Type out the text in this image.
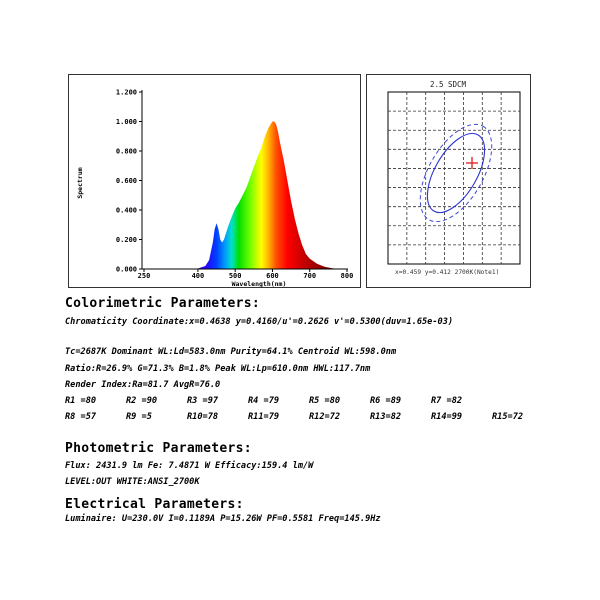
0.000
0.200
0.400
0.600
0.800
1.000
1.200
250	400	500	600	700	800
Spectrum
Wavelength(nm)
2.5 SDCM
x=0.459 y=0.412 2700K(Note1)
Colorimetric Parameters:
Chromaticity Coordinate:x=0.4638 y=0.4160/u'=0.2626 v'=0.5300(duv=1.65e-03)
Tc=2687K Dominant WL:Ld=583.0nm Purity=64.1% Centroid WL:598.0nm
Ratio:R=26.9% G=71.3% B=1.8% Peak WL:Lp=610.0nm HWL:117.7nm
Render Index:Ra=81.7 AvgR=76.0
R1 =80	R2 =90	R3 =97	R4 =79	R5 =80	R6 =89	R7 =82
R8 =57	R9 =5	R10=78	R11=79	R12=72	R13=82	R14=99	R15=72
Photometric Parameters:
Flux: 2431.9 lm Fe: 7.4871 W Efficacy:159.4 lm/W
LEVEL:OUT WHITE:ANSI_2700K
Electrical Parameters:
Luminaire: U=230.0V I=0.1189A P=15.26W PF=0.5581 Freq=145.9Hz
